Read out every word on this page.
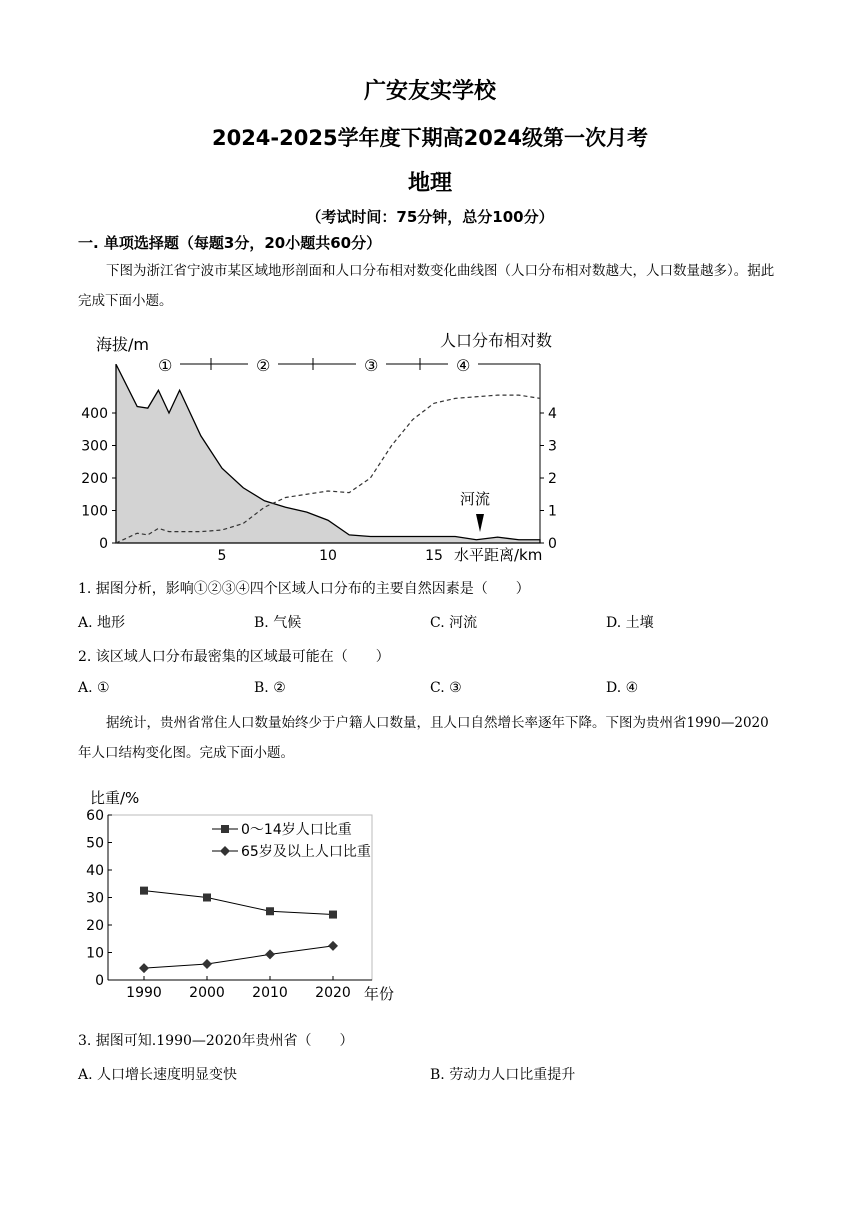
广安友实学校
2024-2025学年度下期高2024级第一次月考
地理
（考试时间：75分钟，总分100分）
一. 单项选择题（每题3分，20小题共60分）
下图为浙江省宁波市某区域地形剖面和人口分布相对数变化曲线图（人口分布相对数越大，人口数量越多）。据此完成下面小题。
海拔/m	人口分布相对数
①	②	③	④
0
100
200
300
400
0
1
2
3
4
5	10	15
河流
水平距离/km
1. 据图分析，影响①②③④四个区域人口分布的主要自然因素是（　　）
A. 地形	B. 气候	C. 河流	D. 土壤
2. 该区域人口分布最密集的区域最可能在（　　）
A. ①	B. ②	C. ③	D. ④
据统计，贵州省常住人口数量始终少于户籍人口数量，且人口自然增长率逐年下降。下图为贵州省1990—2020年人口结构变化图。完成下面小题。
比重/%
0
10
20
30
40
50
60
1990 2000 2010 2020
0～14岁人口比重
65岁及以上人口比重
年份
3. 据图可知.1990—2020年贵州省（　　）
A. 人口增长速度明显变快	B. 劳动力人口比重提升
